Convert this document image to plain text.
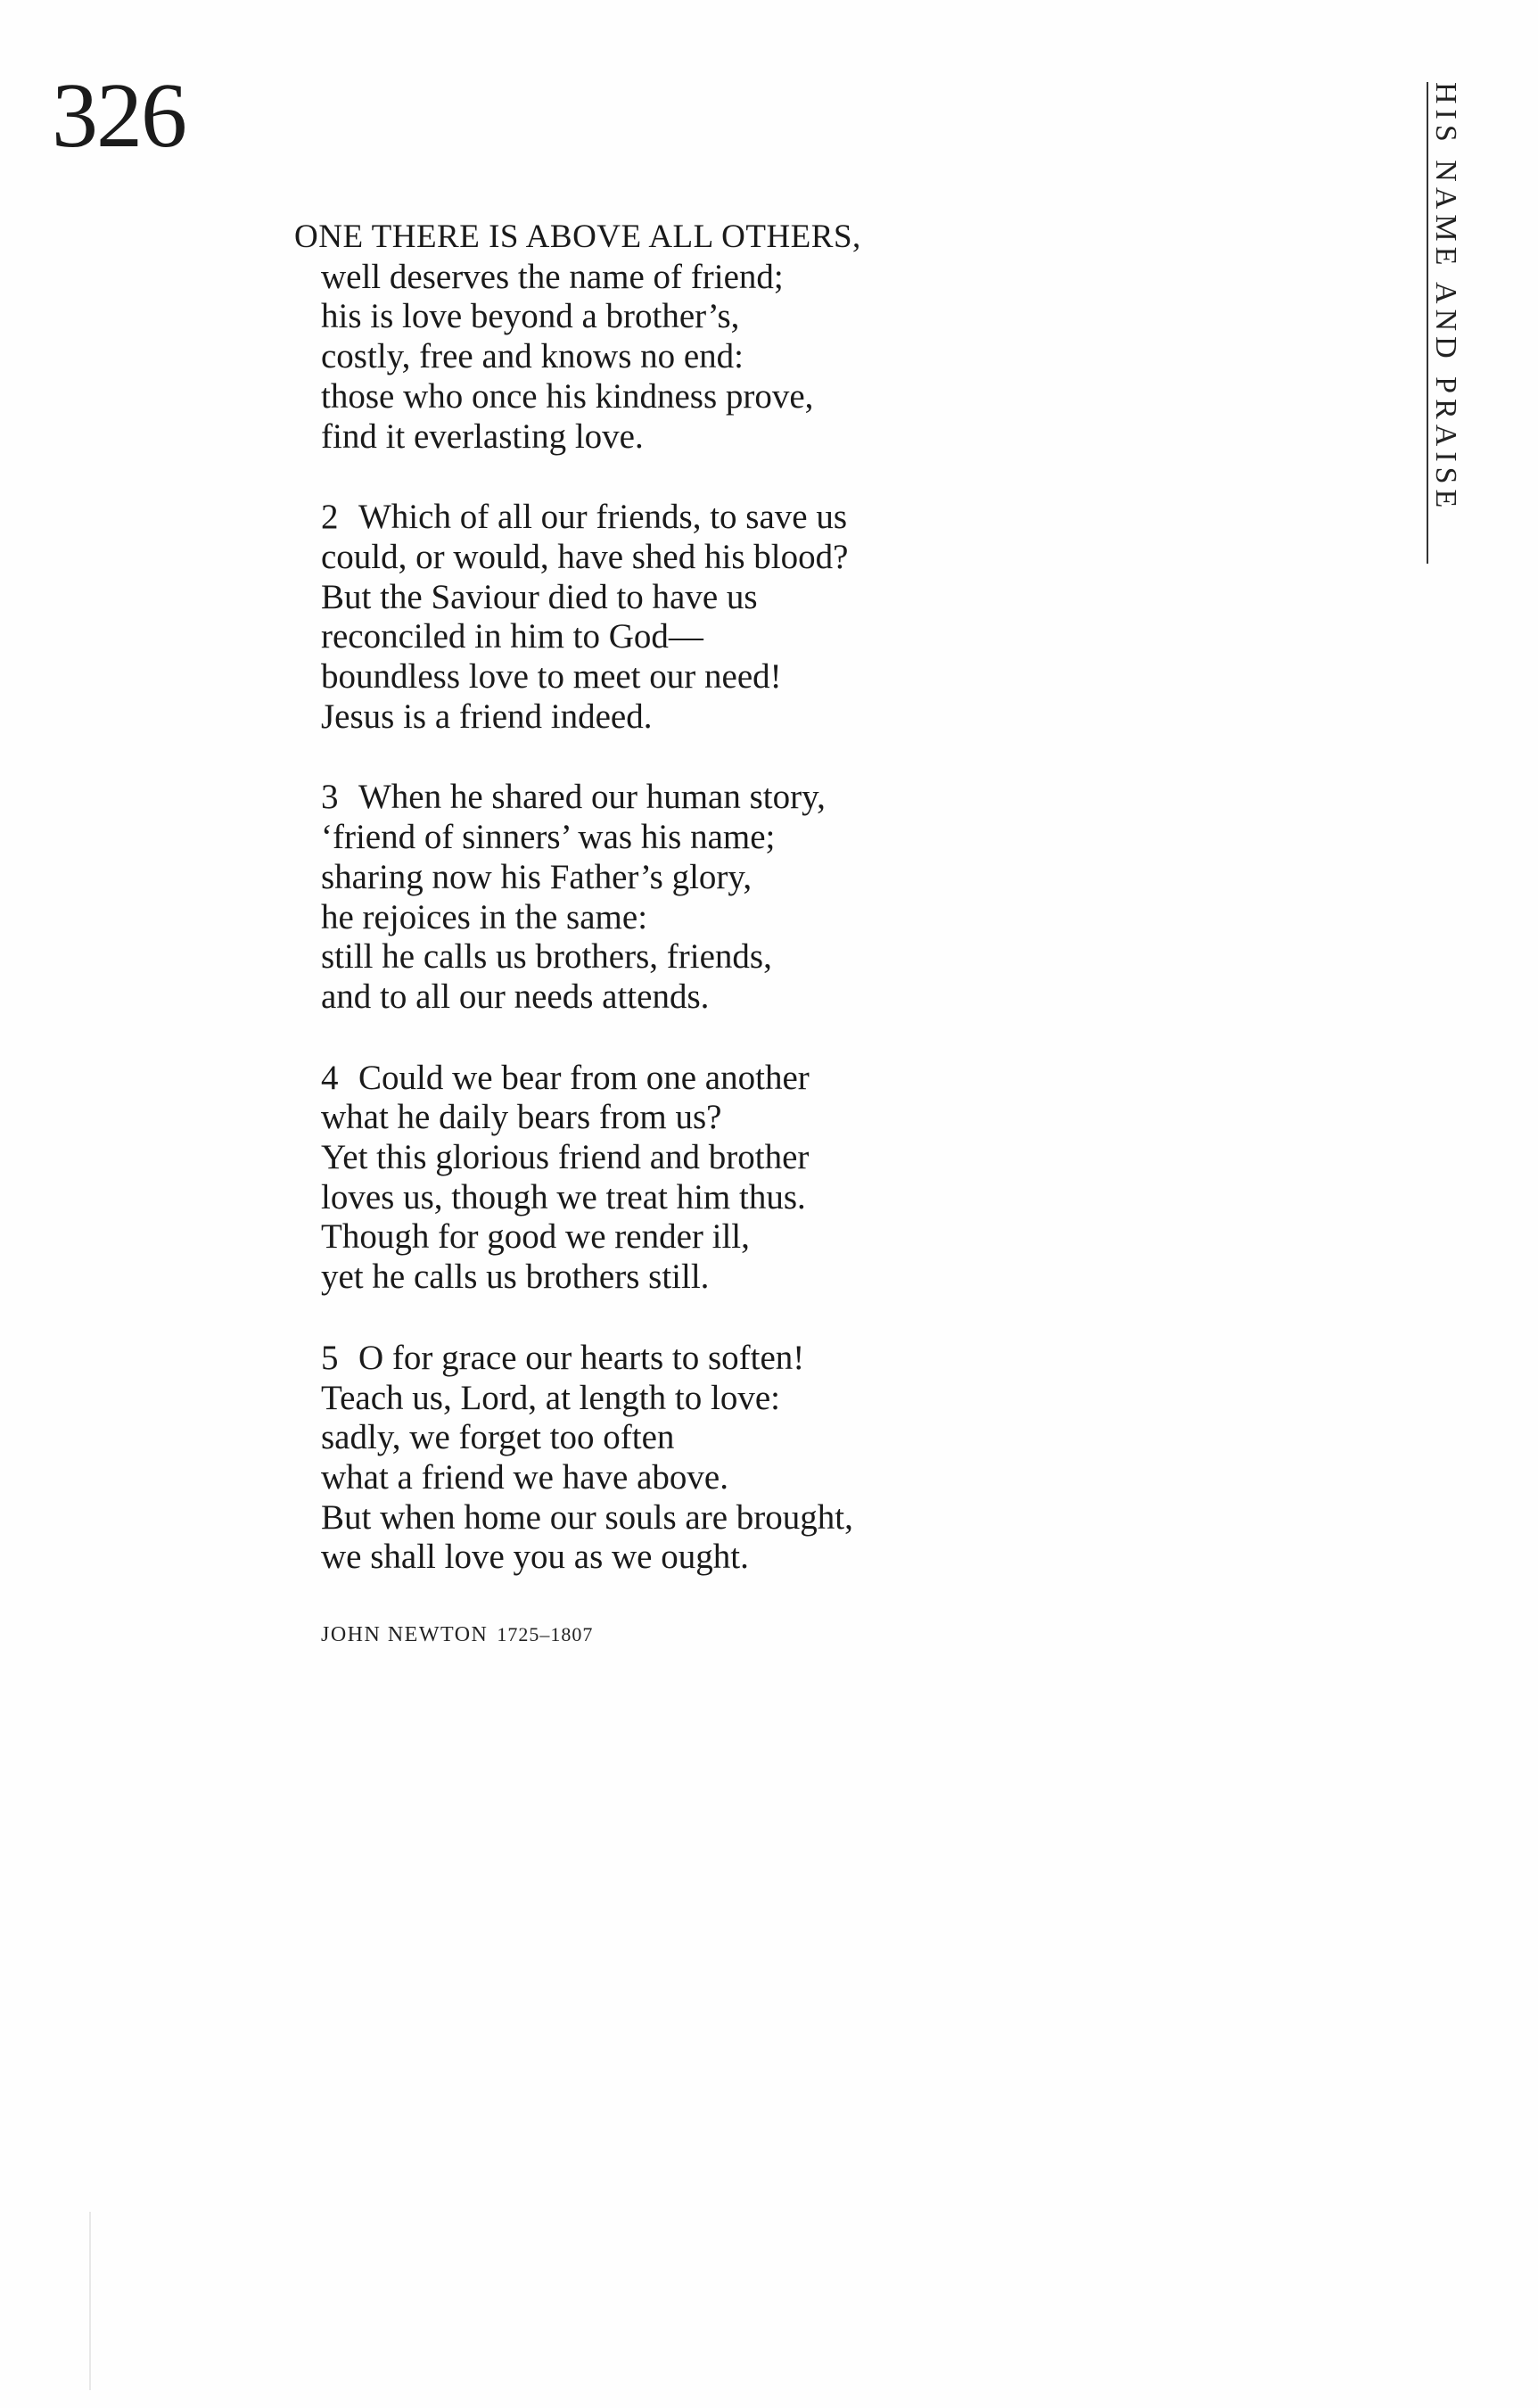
326	HIS NAME AND PRAISE
ONE THERE IS ABOVE ALL OTHERS,
well deserves the name of friend;
his is love beyond a brother’s,
costly, free and knows no end:
those who once his kindness prove,
find it everlasting love.
2 Which of all our friends, to save us
could, or would, have shed his blood?
But the Saviour died to have us
reconciled in him to God—
boundless love to meet our need!
Jesus is a friend indeed.
3 When he shared our human story,
‘friend of sinners’ was his name;
sharing now his Father’s glory,
he rejoices in the same:
still he calls us brothers, friends,
and to all our needs attends.
4 Could we bear from one another
what he daily bears from us?
Yet this glorious friend and brother
loves us, though we treat him thus.
Though for good we render ill,
yet he calls us brothers still.
5 O for grace our hearts to soften!
Teach us, Lord, at length to love:
sadly, we forget too often
what a friend we have above.
But when home our souls are brought,
we shall love you as we ought.
JOHN NEWTON 1725–1807
